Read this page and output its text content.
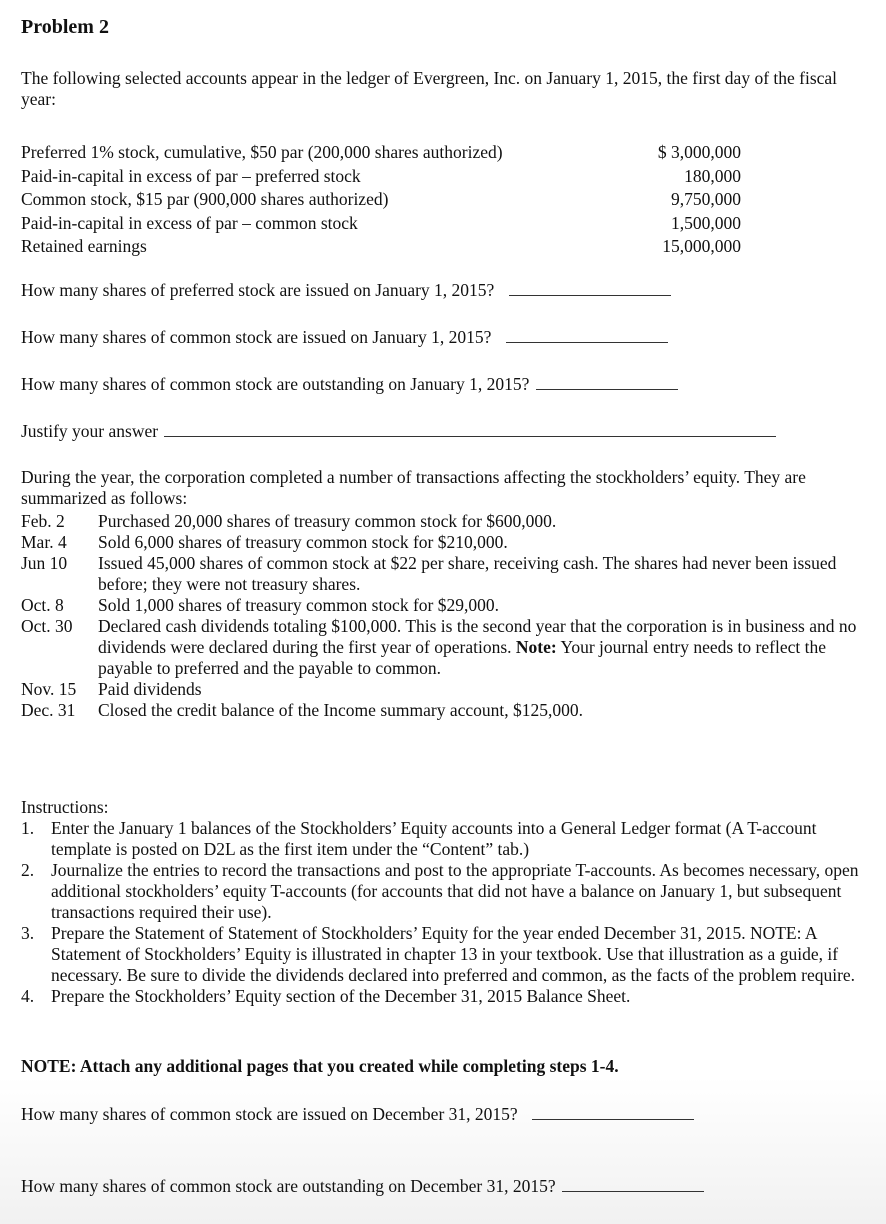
Problem 2
The following selected accounts appear in the ledger of Evergreen, Inc. on January 1, 2015, the first day of the fiscal year:
Preferred 1% stock, cumulative, $50 par (200,000 shares authorized)	$ 3,000,000
Paid-in-capital in excess of par – preferred stock	180,000
Common stock, $15 par (900,000 shares authorized)	9,750,000
Paid-in-capital in excess of par – common stock	1,500,000
Retained earnings	15,000,000
How many shares of preferred stock are issued on January 1, 2015?
How many shares of common stock are issued on January 1, 2015?
How many shares of common stock are outstanding on January 1, 2015?
Justify your answer
During the year, the corporation completed a number of transactions affecting the stockholders’ equity. They are summarized as follows:
Feb. 2	Purchased 20,000 shares of treasury common stock for $600,000.
Mar. 4	Sold 6,000 shares of treasury common stock for $210,000.
Jun 10	Issued 45,000 shares of common stock at $22 per share, receiving cash. The shares had never been issued before; they were not treasury shares.
Oct. 8	Sold 1,000 shares of treasury common stock for $29,000.
Oct. 30	Declared cash dividends totaling $100,000. This is the second year that the corporation is in business and no dividends were declared during the first year of operations. Note: Your journal entry needs to reflect the payable to preferred and the payable to common.
Nov. 15	Paid dividends
Dec. 31	Closed the credit balance of the Income summary account, $125,000.
Instructions:
1. Enter the January 1 balances of the Stockholders’ Equity accounts into a General Ledger format (A T-account template is posted on D2L as the first item under the “Content” tab.)
2. Journalize the entries to record the transactions and post to the appropriate T-accounts. As becomes necessary, open additional stockholders’ equity T-accounts (for accounts that did not have a balance on January 1, but subsequent transactions required their use).
3. Prepare the Statement of Statement of Stockholders’ Equity for the year ended December 31, 2015. NOTE: A Statement of Stockholders’ Equity is illustrated in chapter 13 in your textbook. Use that illustration as a guide, if necessary. Be sure to divide the dividends declared into preferred and common, as the facts of the problem require.
4. Prepare the Stockholders’ Equity section of the December 31, 2015 Balance Sheet.
NOTE: Attach any additional pages that you created while completing steps 1-4.
How many shares of common stock are issued on December 31, 2015?
How many shares of common stock are outstanding on December 31, 2015?
